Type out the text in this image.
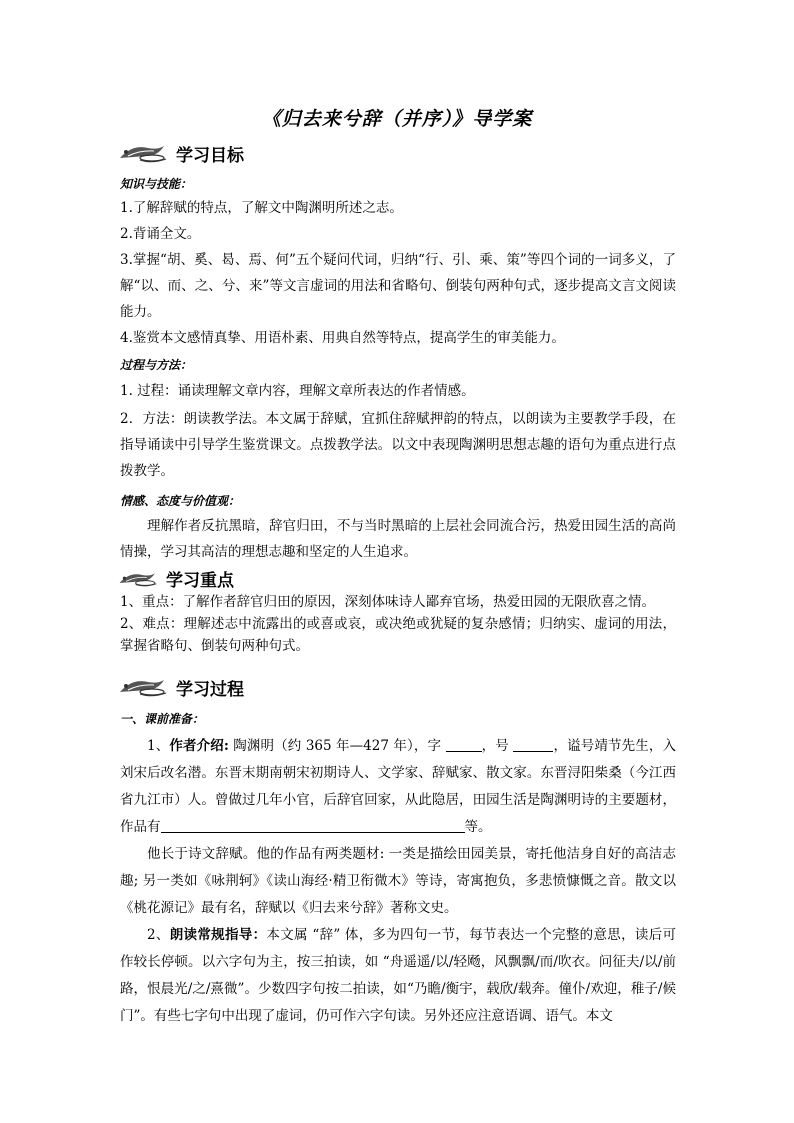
《归去来兮辞（并序）》导学案
学习目标
知识与技能：
1.了解辞赋的特点，了解文中陶渊明所述之志。
2.背诵全文。
3.掌握“胡、奚、曷、焉、何”五个疑问代词，归纳“行、引、乘、策”等四个词的一词多义，了解“以、而、之、兮、来”等文言虚词的用法和省略句、倒装句两种句式，逐步提高文言文阅读能力。
4.鉴赏本文感情真挚、用语朴素、用典自然等特点，提高学生的审美能力。
过程与方法：
1. 过程：诵读理解文章内容，理解文章所表达的作者情感。
2．方法：朗读教学法。本文属于辞赋，宜抓住辞赋押韵的特点，以朗读为主要教学手段，在指导诵读中引导学生鉴赏课文。点拨教学法。以文中表现陶渊明思想志趣的语句为重点进行点拨教学。
情感、态度与价值观：
理解作者反抗黑暗，辞官归田，不与当时黑暗的上层社会同流合污，热爱田园生活的高尚情操，学习其高洁的理想志趣和坚定的人生追求。
学习重点
1、重点：了解作者辞官归田的原因，深刻体味诗人鄙弃官场，热爱田园的无限欣喜之情。
2、难点：理解述志中流露出的或喜或哀，或决绝或犹疑的复杂感情；归纳实、虚词的用法，掌握省略句、倒装句两种句式。
学习过程
一、课前准备：
1、作者介绍: 陶渊明（约 365 年—427 年），字	，号	，谥号靖节先生，入刘宋后改名潜。东晋末期南朝宋初期诗人、文学家、辞赋家、散文家。东晋浔阳柴桑（今江西省九江市）人。曾做过几年小官，后辞官回家，从此隐居，田园生活是陶渊明诗的主要题材， 作品有	等。
他长于诗文辞赋。他的作品有两类题材: 一类是描绘田园美景，寄托他洁身自好的高洁志趣; 另一类如《咏荆轲》《读山海经·精卫衔微木》等诗，寄寓抱负，多悲愤慷慨之音。散文以《桃花源记》最有名，辞赋以《归去来兮辞》著称文史。
2、朗读常规指导：本文属 “辞” 体，多为四句一节，每节表达一个完整的意思，读后可作较长停顿。以六字句为主，按三拍读，如 “舟遥遥/以/轻飏，风飘飘/而/吹衣。问征夫/以/前路，恨晨光/之/熹微”。少数四字句按二拍读，如“乃瞻/衡宇，载欣/载奔。僮仆/欢迎，稚子/候门”。有些七字句中出现了虚词，仍可作六字句读。另外还应注意语调、语气。本文
